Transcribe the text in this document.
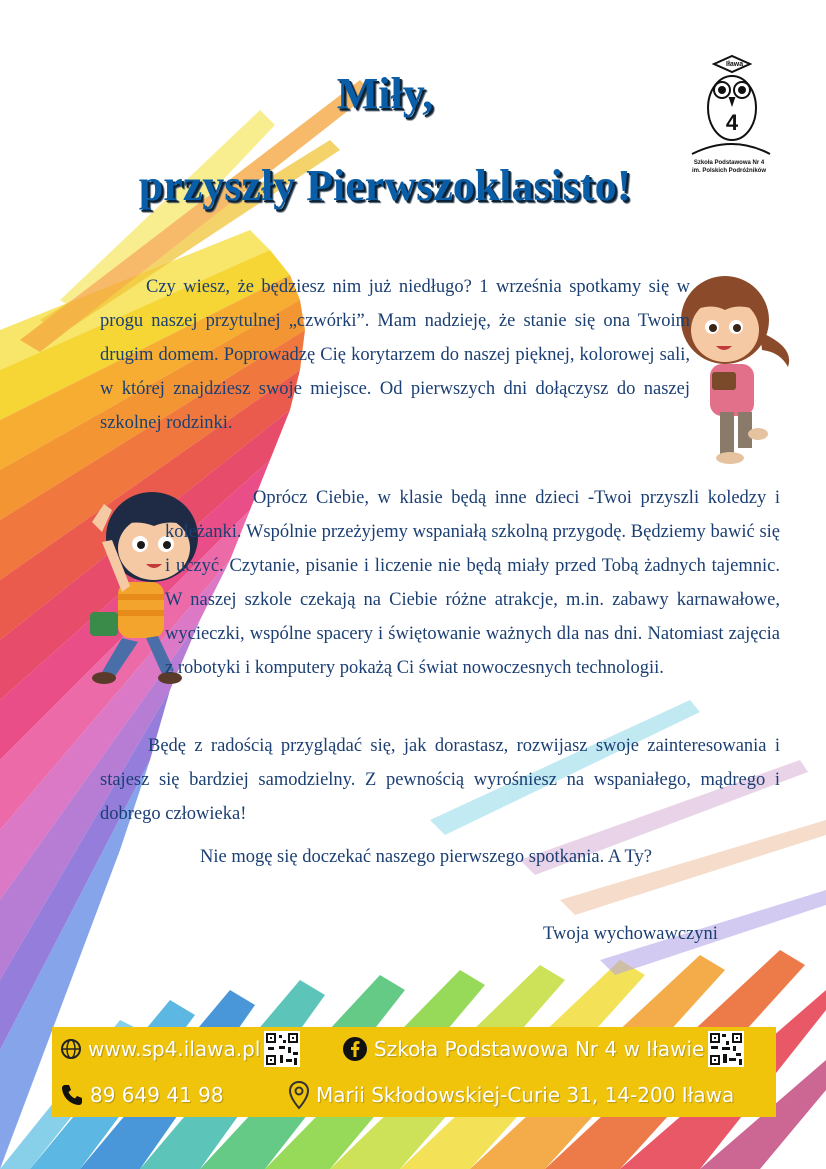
Miły,
przyszły Pierwszoklasisto!
Iława
4
Szkoła Podstawowa Nr 4
im. Polskich Podróżników

Czy wiesz, że będziesz nim już niedługo? 1 września spotkamy się w progu naszej przytulnej „czwórki”. Mam nadzieję, że stanie się ona Twoim drugim domem. Poprowadzę Cię korytarzem do naszej pięknej, kolorowej sali, w której znajdziesz swoje miejsce. Od pierwszych dni dołączysz do naszej szkolnej rodzinki.

Oprócz Ciebie, w klasie będą inne dzieci -Twoi przyszli koledzy i koleżanki. Wspólnie przeżyjemy wspaniałą szkolną przygodę. Będziemy bawić się i uczyć. Czytanie, pisanie i liczenie nie będą miały przed Tobą żadnych tajemnic. W naszej szkole czekają na Ciebie różne atrakcje, m.in. zabawy karnawałowe, wycieczki, wspólne spacery i świętowanie ważnych dla nas dni. Natomiast zajęcia z robotyki i komputery pokażą Ci świat nowoczesnych technologii.

Będę z radością przyglądać się, jak dorastasz, rozwijasz swoje zainteresowania i stajesz się bardziej samodzielny. Z pewnością wyrośniesz na wspaniałego, mądrego i dobrego człowieka!

Nie mogę się doczekać naszego pierwszego spotkania. A Ty?

Twoja wychowawczyni

www.sp4.ilawa.pl	Szkoła Podstawowa Nr 4 w Iławie
89 649 41 98	Marii Skłodowskiej-Curie 31, 14-200 Iława
